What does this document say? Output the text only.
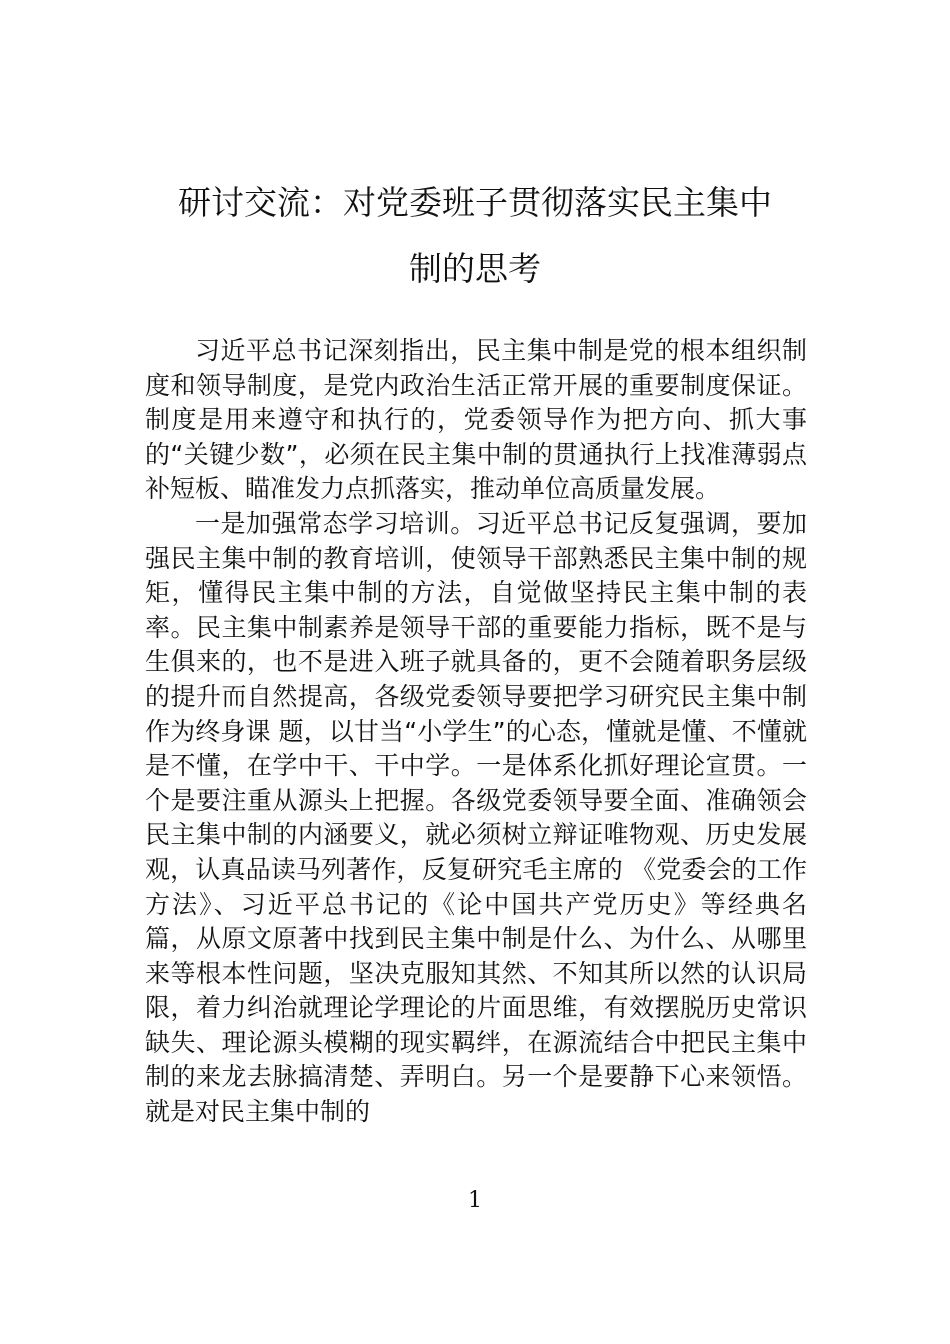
研讨交流：对党委班子贯彻落实民主集中
制的思考

习近平总书记深刻指出，民主集中制是党的根本组织制度和领导制度，是党内政治生活正常开展的重要制度保证。制度是用来遵守和执行的，党委领导作为把方向、抓大事的“关键少数”，必须在民主集中制的贯通执行上找准薄弱点补短板、瞄准发力点抓落实，推动单位高质量发展。

一是加强常态学习培训。习近平总书记反复强调，要加强民主集中制的教育培训，使领导干部熟悉民主集中制的规矩，懂得民主集中制的方法，自觉做坚持民主集中制的表率。民主集中制素养是领导干部的重要能力指标，既不是与生俱来的，也不是进入班子就具备的，更不会随着职务层级的提升而自然提高，各级党委领导要把学习研究民主集中制作为终身课 题，以甘当“小学生”的心态，懂就是懂、不懂就是不懂，在学中干、干中学。一是体系化抓好理论宣贯。一个是要注重从源头上把握。各级党委领导要全面、准确领会民主集中制的内涵要义，就必须树立辩证唯物观、历史发展观，认真品读马列著作，反复研究毛主席的 《党委会的工作方法》、习近平总书记的《论中国共产党历史》等经典名篇，从原文原著中找到民主集中制是什么、为什么、从哪里来等根本性问题，坚决克服知其然、不知其所以然的认识局限，着力纠治就理论学理论的片面思维，有效摆脱历史常识缺失、理论源头模糊的现实羁绊，在源流结合中把民主集中制的来龙去脉搞清楚、弄明白。另一个是要静下心来领悟。就是对民主集中制的

1
